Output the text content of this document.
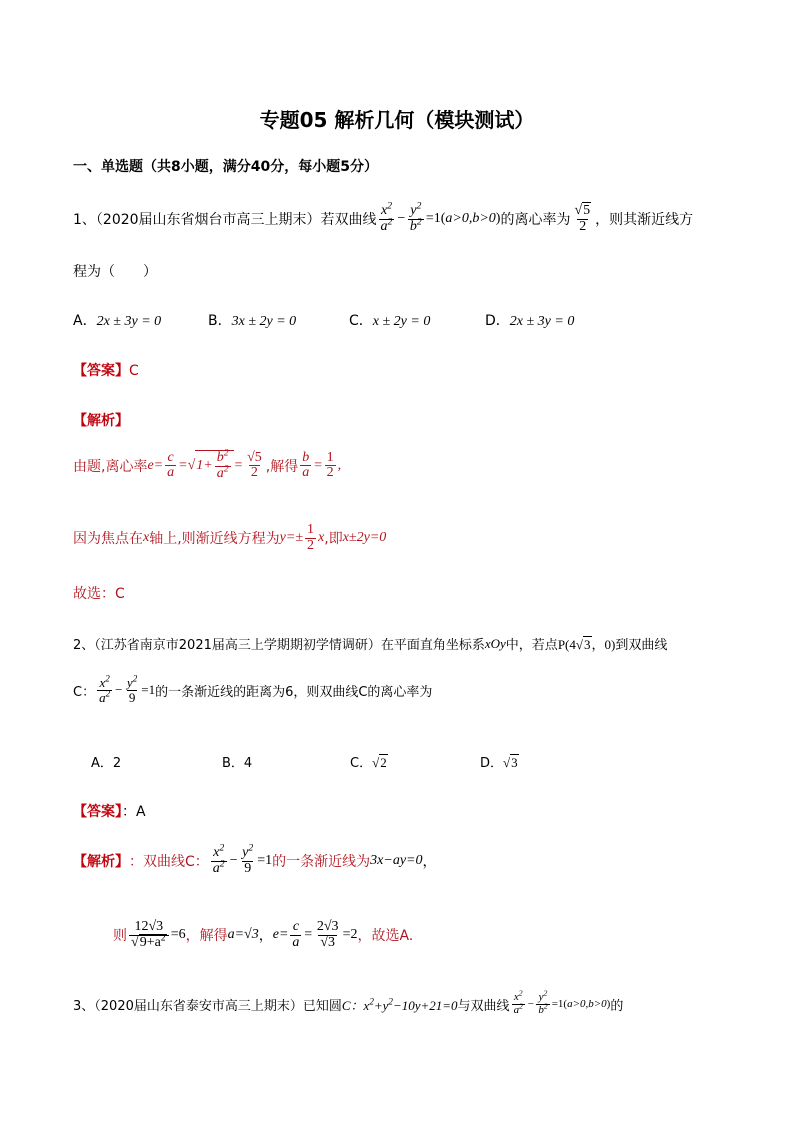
专题05 解析几何（模块测试）
一、单选题（共8小题，满分40分，每小题5分）
1、（2020届山东省烟台市高三上期末）若双曲线 $\frac{x^2}{a^2} - \frac{y^2}{b^2} =1$( a>0,b>0 ) 的离心率为 $\frac{√5}{2}$ ，则其渐近线方
程为（　　）
A．2x ± 3y = 0	B．3x ± 2y = 0	C．x ± 2y = 0	D．2x ± 3y = 0
【答案】C
【解析】
由题,离心率 $e= \frac{c}{a}$ =√ $1+ \frac{b^2}{a^2} = \frac{√5}{2}$ ,解得 $\frac{b}{a} = \frac{1}{2}$ ,
因为焦点在 x 轴上,则渐近线方程为 $y=\pm \frac{1}{2}$ x ,即 x±2y=0
故选：C
2、（江苏省南京市2021届高三上学期期初学情调研）在平面直角坐标系 xOy 中，若点 P(4√3，0) 到双曲线
C： $\frac{x^2}{a^2} - \frac{y^2}{9} =1$ 的一条渐近线的距离为6，则双曲线C的离心率为
A．2	B．4	C．√2	D．√3
【答案】：A
【解析】 ：双曲线C： $\frac{x^2}{a^2} - \frac{y^2}{9} =1$ 的一条渐近线为 3x−ay=0 ，
则 $\frac{12√3}{√9+a^2} =6$ ，解得 a=√3 ， $e= \frac{c}{a} = \frac{2√3}{√3} =2$ ，故选A.
3、（2020届山东省泰安市高三上期末）已知圆 C：$x^2+y^2-10y+21=0$ 与双曲线 $\frac{x^2}{a^2} - \frac{y^2}{b^2} =1$( a>0,b>0 ) 的
